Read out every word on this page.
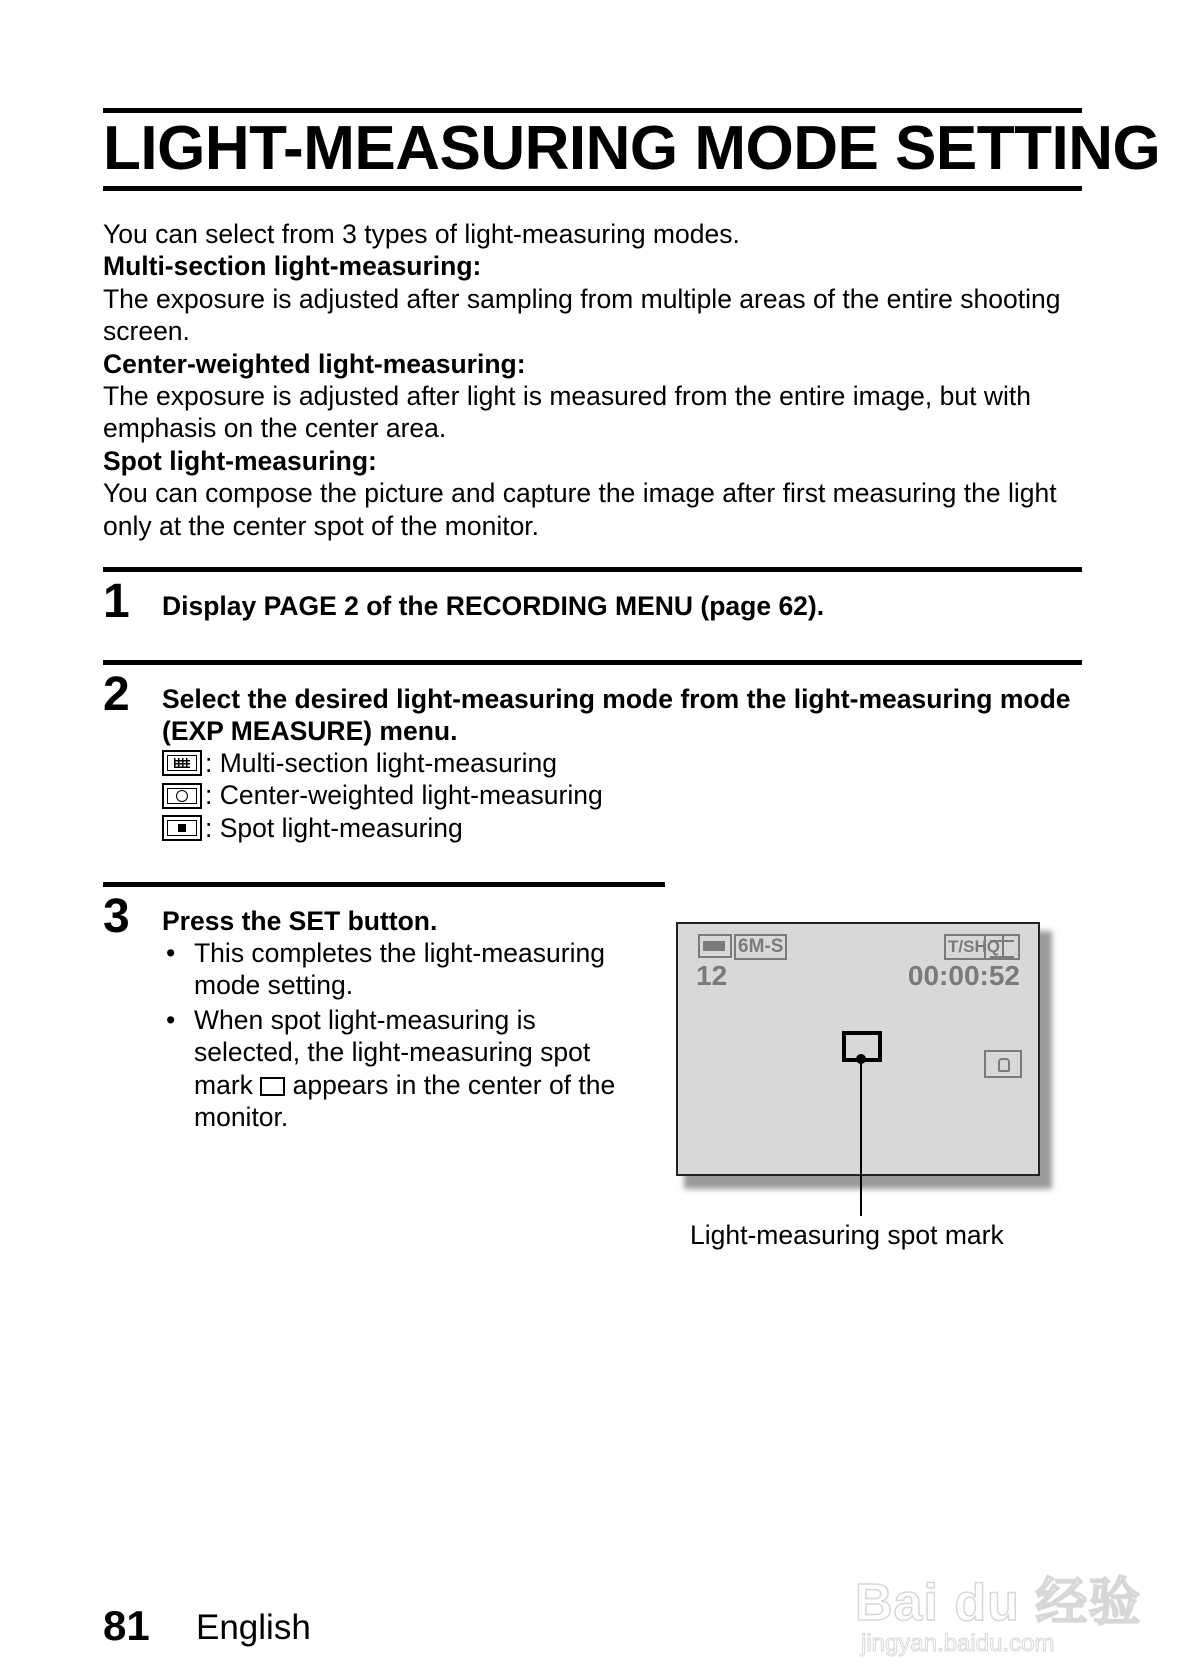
LIGHT-MEASURING MODE SETTING

You can select from 3 types of light-measuring modes.

Multi-section light-measuring:

The exposure is adjusted after sampling from multiple areas of the entire shooting screen.

Center-weighted light-measuring:

The exposure is adjusted after light is measured from the entire image, but with emphasis on the center area.

Spot light-measuring:

You can compose the picture and capture the image after first measuring the light only at the center spot of the monitor.

1 Display PAGE 2 of the RECORDING MENU (page 62).
2 Select the desired light-measuring mode from the light-measuring mode (EXP MEASURE) menu.
: Multi-section light-measuring
: Center-weighted light-measuring
: Spot light-measuring
3 Press the SET button.
• This completes the light-measuring mode setting.
• When spot light-measuring is selected, the light-measuring spot mark  appears in the center of the monitor.
6M-S	T/SHQ
12	00:00:52
Light-measuring spot mark
81 English	Bai du 经验
jingyan.baidu.com
